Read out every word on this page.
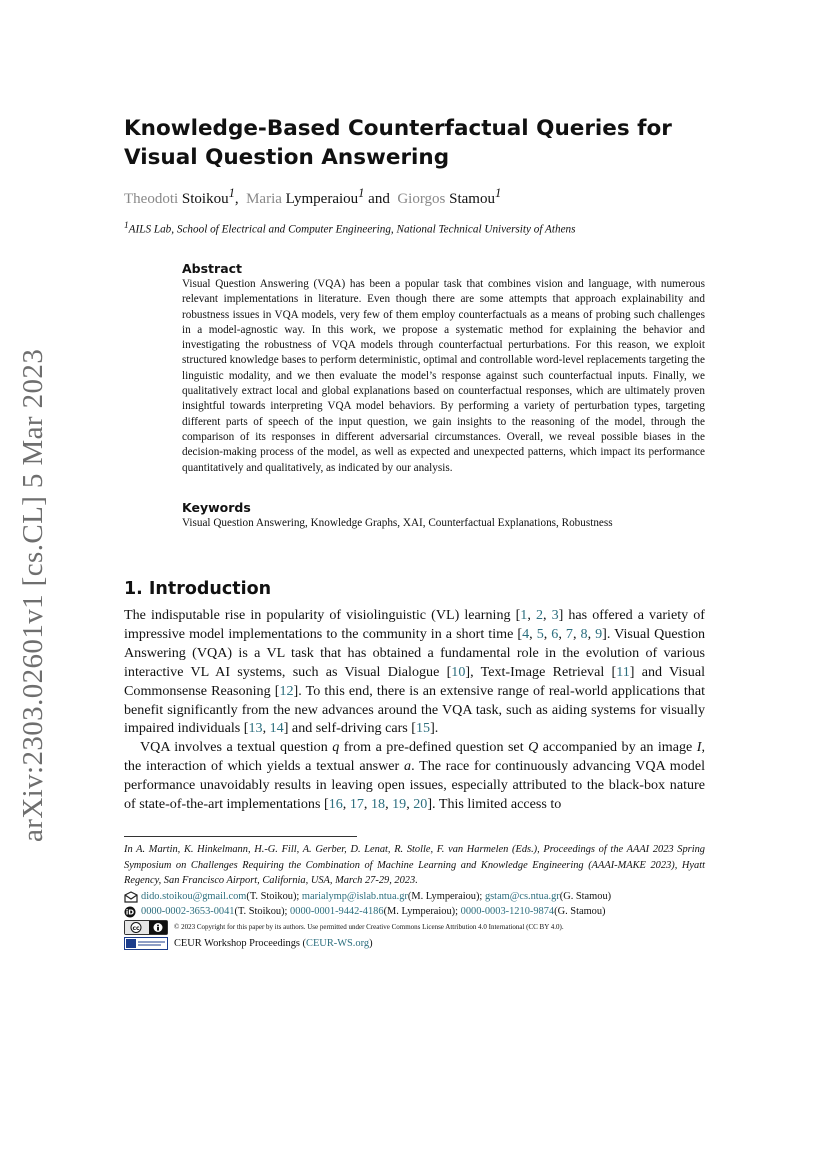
arXiv:2303.02601v1 [cs.CL] 5 Mar 2023
Knowledge-Based Counterfactual Queries for Visual Question Answering
Theodoti Stoikou$^1$, Maria Lymperaiou$^1$ and Giorgos Stamou$^1$
$^1$AILS Lab, School of Electrical and Computer Engineering, National Technical University of Athens
Abstract

Visual Question Answering (VQA) has been a popular task that combines vision and language, with numerous relevant implementations in literature. Even though there are some attempts that approach explainability and robustness issues in VQA models, very few of them employ counterfactuals as a means of probing such challenges in a model-agnostic way. In this work, we propose a systematic method for explaining the behavior and investigating the robustness of VQA models through counterfactual perturbations. For this reason, we exploit structured knowledge bases to perform deterministic, optimal and controllable word-level replacements targeting the linguistic modality, and we then evaluate the model’s response against such counterfactual inputs. Finally, we qualitatively extract local and global explanations based on counterfactual responses, which are ultimately proven insightful towards interpreting VQA model behaviors. By performing a variety of perturbation types, targeting different parts of speech of the input question, we gain insights to the reasoning of the model, through the comparison of its responses in different adversarial circumstances. Overall, we reveal possible biases in the decision-making process of the model, as well as expected and unexpected patterns, which impact its performance quantitatively and qualitatively, as indicated by our analysis.

Keywords
Visual Question Answering, Knowledge Graphs, XAI, Counterfactual Explanations, Robustness
1. Introduction

The indisputable rise in popularity of visiolinguistic (VL) learning [1, 2, 3] has offered a variety of impressive model implementations to the community in a short time [4, 5, 6, 7, 8, 9]. Visual Question Answering (VQA) is a VL task that has obtained a fundamental role in the evolution of various interactive VL AI systems, such as Visual Dialogue [10], Text-Image Retrieval [11] and Visual Commonsense Reasoning [12]. To this end, there is an extensive range of real-world applications that benefit significantly from the new advances around the VQA task, such as aiding systems for visually impaired individuals [13, 14] and self-driving cars [15].

VQA involves a textual question q from a pre-defined question set Q accompanied by an image I, the interaction of which yields a textual answer a. The race for continuously advancing VQA model performance unavoidably results in leaving open issues, especially attributed to the black-box nature of state-of-the-art implementations [16, 17, 18, 19, 20]. This limited access to

In A. Martin, K. Hinkelmann, H.-G. Fill, A. Gerber, D. Lenat, R. Stolle, F. van Harmelen (Eds.), Proceedings of the AAAI 2023 Spring Symposium on Challenges Requiring the Combination of Machine Learning and Knowledge Engineering (AAAI-MAKE 2023), Hyatt Regency, San Francisco Airport, California, USA, March 27-29, 2023.
dido.stoikou@gmail.com (T. Stoikou);
marialymp@islab.ntua.gr (M. Lymperaiou);
gstam@cs.ntua.gr (G. Stamou)
iD 0000-0002-3653-0041 (T. Stoikou);
0000-0001-9442-4186 (M. Lymperaiou);
0000-0003-1210-9874 (G. Stamou)
cc	© 2023 Copyright for this paper by its authors. Use permitted under Creative Commons License Attribution 4.0 International (CC BY 4.0).
CEUR Workshop Proceedings ( CEUR-WS.org )
